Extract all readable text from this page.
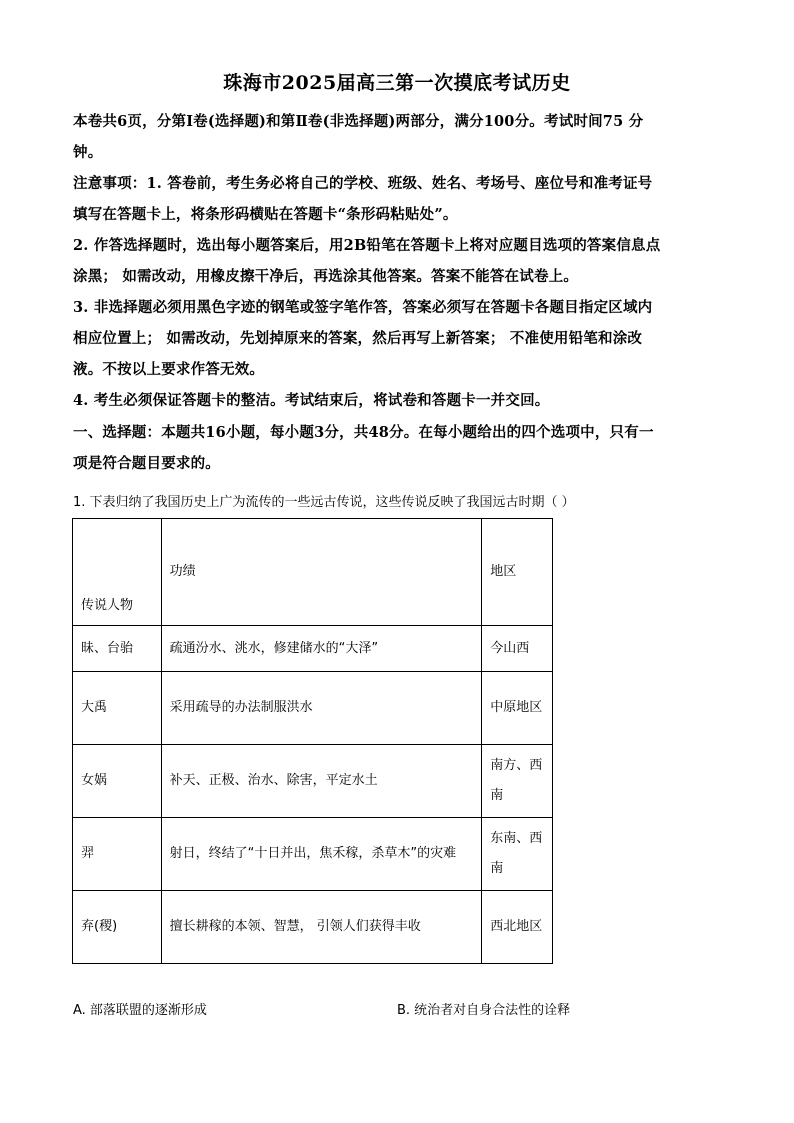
珠海市2025届高三第一次摸底考试历史
本卷共6页，分第Ⅰ卷(选择题)和第Ⅱ卷(非选择题)两部分，满分100分。考试时间75 分
钟。
注意事项：1. 答卷前，考生务必将自己的学校、班级、姓名、考场号、座位号和准考证号
填写在答题卡上，将条形码横贴在答题卡“条形码粘贴处”。
2. 作答选择题时，选出每小题答案后，用2B铅笔在答题卡上将对应题目选项的答案信息点
涂黑； 如需改动，用橡皮擦干净后，再选涂其他答案。答案不能答在试卷上。
3. 非选择题必须用黑色字迹的钢笔或签字笔作答，答案必须写在答题卡各题目指定区域内
相应位置上； 如需改动，先划掉原来的答案，然后再写上新答案； 不准使用铅笔和涂改
液。不按以上要求作答无效。
4. 考生必须保证答题卡的整洁。考试结束后，将试卷和答题卡一并交回。
一、选择题：本题共16小题，每小题3分，共48分。在每小题给出的四个选项中，只有一
项是符合题目要求的。
1. 下表归纳了我国历史上广为流传的一些远古传说，这些传说反映了我国远古时期（ ）
传说人物	功绩	地区
昧、台骀	疏通汾水、洮水，修建储水的“大泽”	今山西
大禹	采用疏导的办法制服洪水	中原地区
女娲	补天、正极、治水、除害，平定水土	南方、西南
羿	射日，终结了“十日并出，焦禾稼，杀草木”的灾难	东南、西南
弃(稷)	擅长耕稼的本领、智慧， 引领人们获得丰收	西北地区
A. 部落联盟的逐渐形成	B. 统治者对自身合法性的诠释
